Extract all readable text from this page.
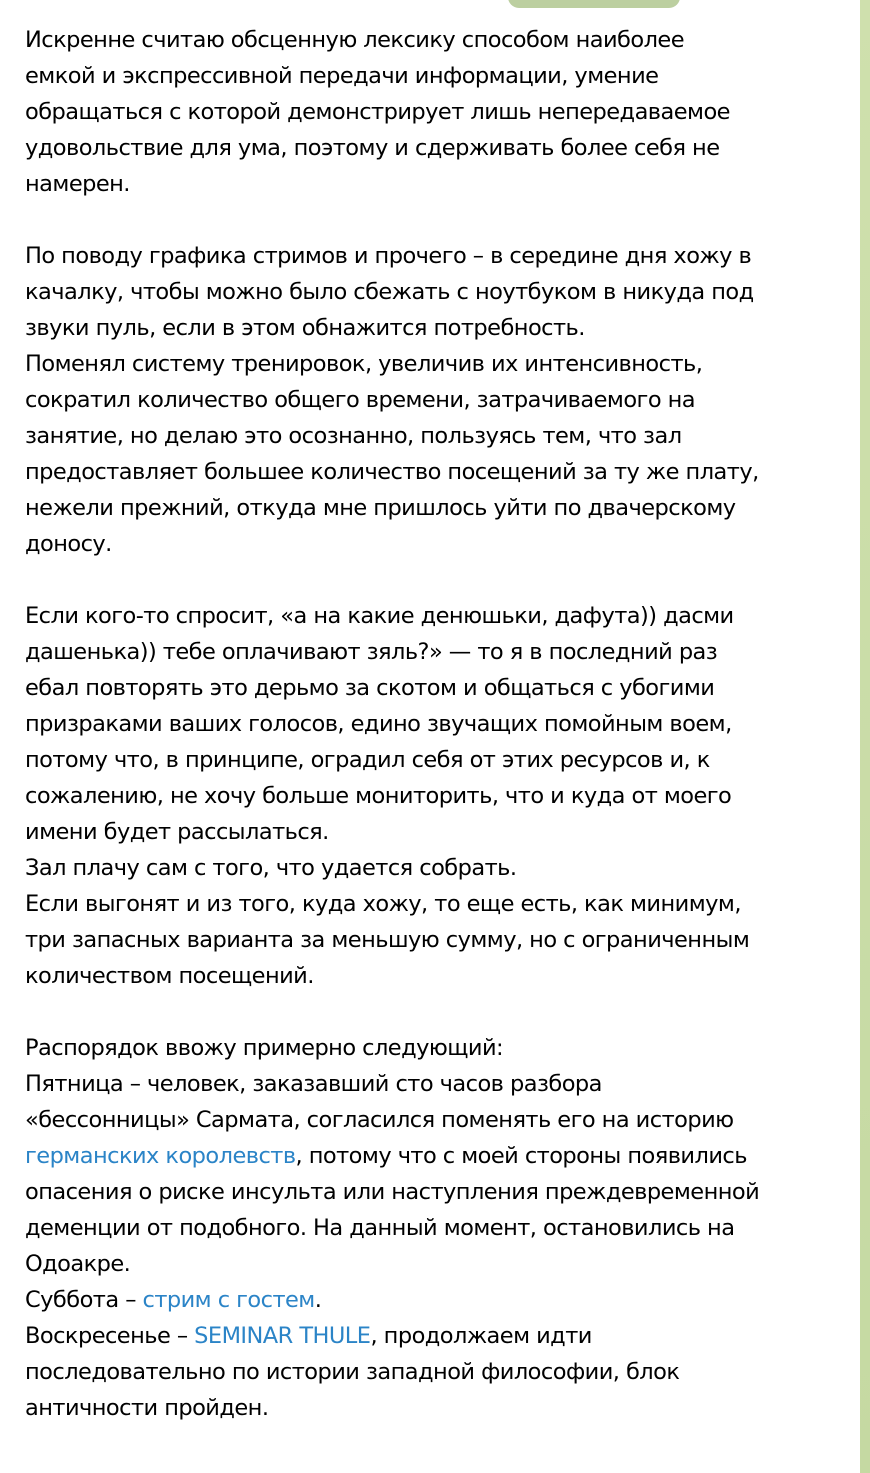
Искренне считаю обсценную лексику способом наиболее
емкой и экспрессивной передачи информации, умение
обращаться с которой демонстрирует лишь непередаваемое
удовольствие для ума, поэтому и сдерживать более себя не
намерен.
По поводу графика стримов и прочего – в середине дня хожу в
качалку, чтобы можно было сбежать с ноутбуком в никуда под
звуки пуль, если в этом обнажится потребность.
Поменял систему тренировок, увеличив их интенсивность,
сократил количество общего времени, затрачиваемого на
занятие, но делаю это осознанно, пользуясь тем, что зал
предоставляет большее количество посещений за ту же плату,
нежели прежний, откуда мне пришлось уйти по двачерскому
доносу.
Если кого-то спросит, «а на какие денюшьки, дафута)) дасми
дашенька)) тебе оплачивают зяль?» — то я в последний раз
ебал повторять это дерьмо за скотом и общаться с убогими
призраками ваших голосов, едино звучащих помойным воем,
потому что, в принципе, оградил себя от этих ресурсов и, к
сожалению, не хочу больше мониторить, что и куда от моего
имени будет рассылаться.
Зал плачу сам с того, что удается собрать.
Если выгонят и из того, куда хожу, то еще есть, как минимум,
три запасных варианта за меньшую сумму, но с ограниченным
количеством посещений.
Распорядок ввожу примерно следующий:
Пятница – человек, заказавший сто часов разбора
«бессонницы» Сармата, согласился поменять его на историю
германских королевств, потому что с моей стороны появились
опасения о риске инсульта или наступления преждевременной
деменции от подобного. На данный момент, остановились на
Одоакре.
Суббота – стрим с гостем.
Воскресенье – SEMINAR THULE, продолжаем идти
последовательно по истории западной философии, блок
античности пройден.
